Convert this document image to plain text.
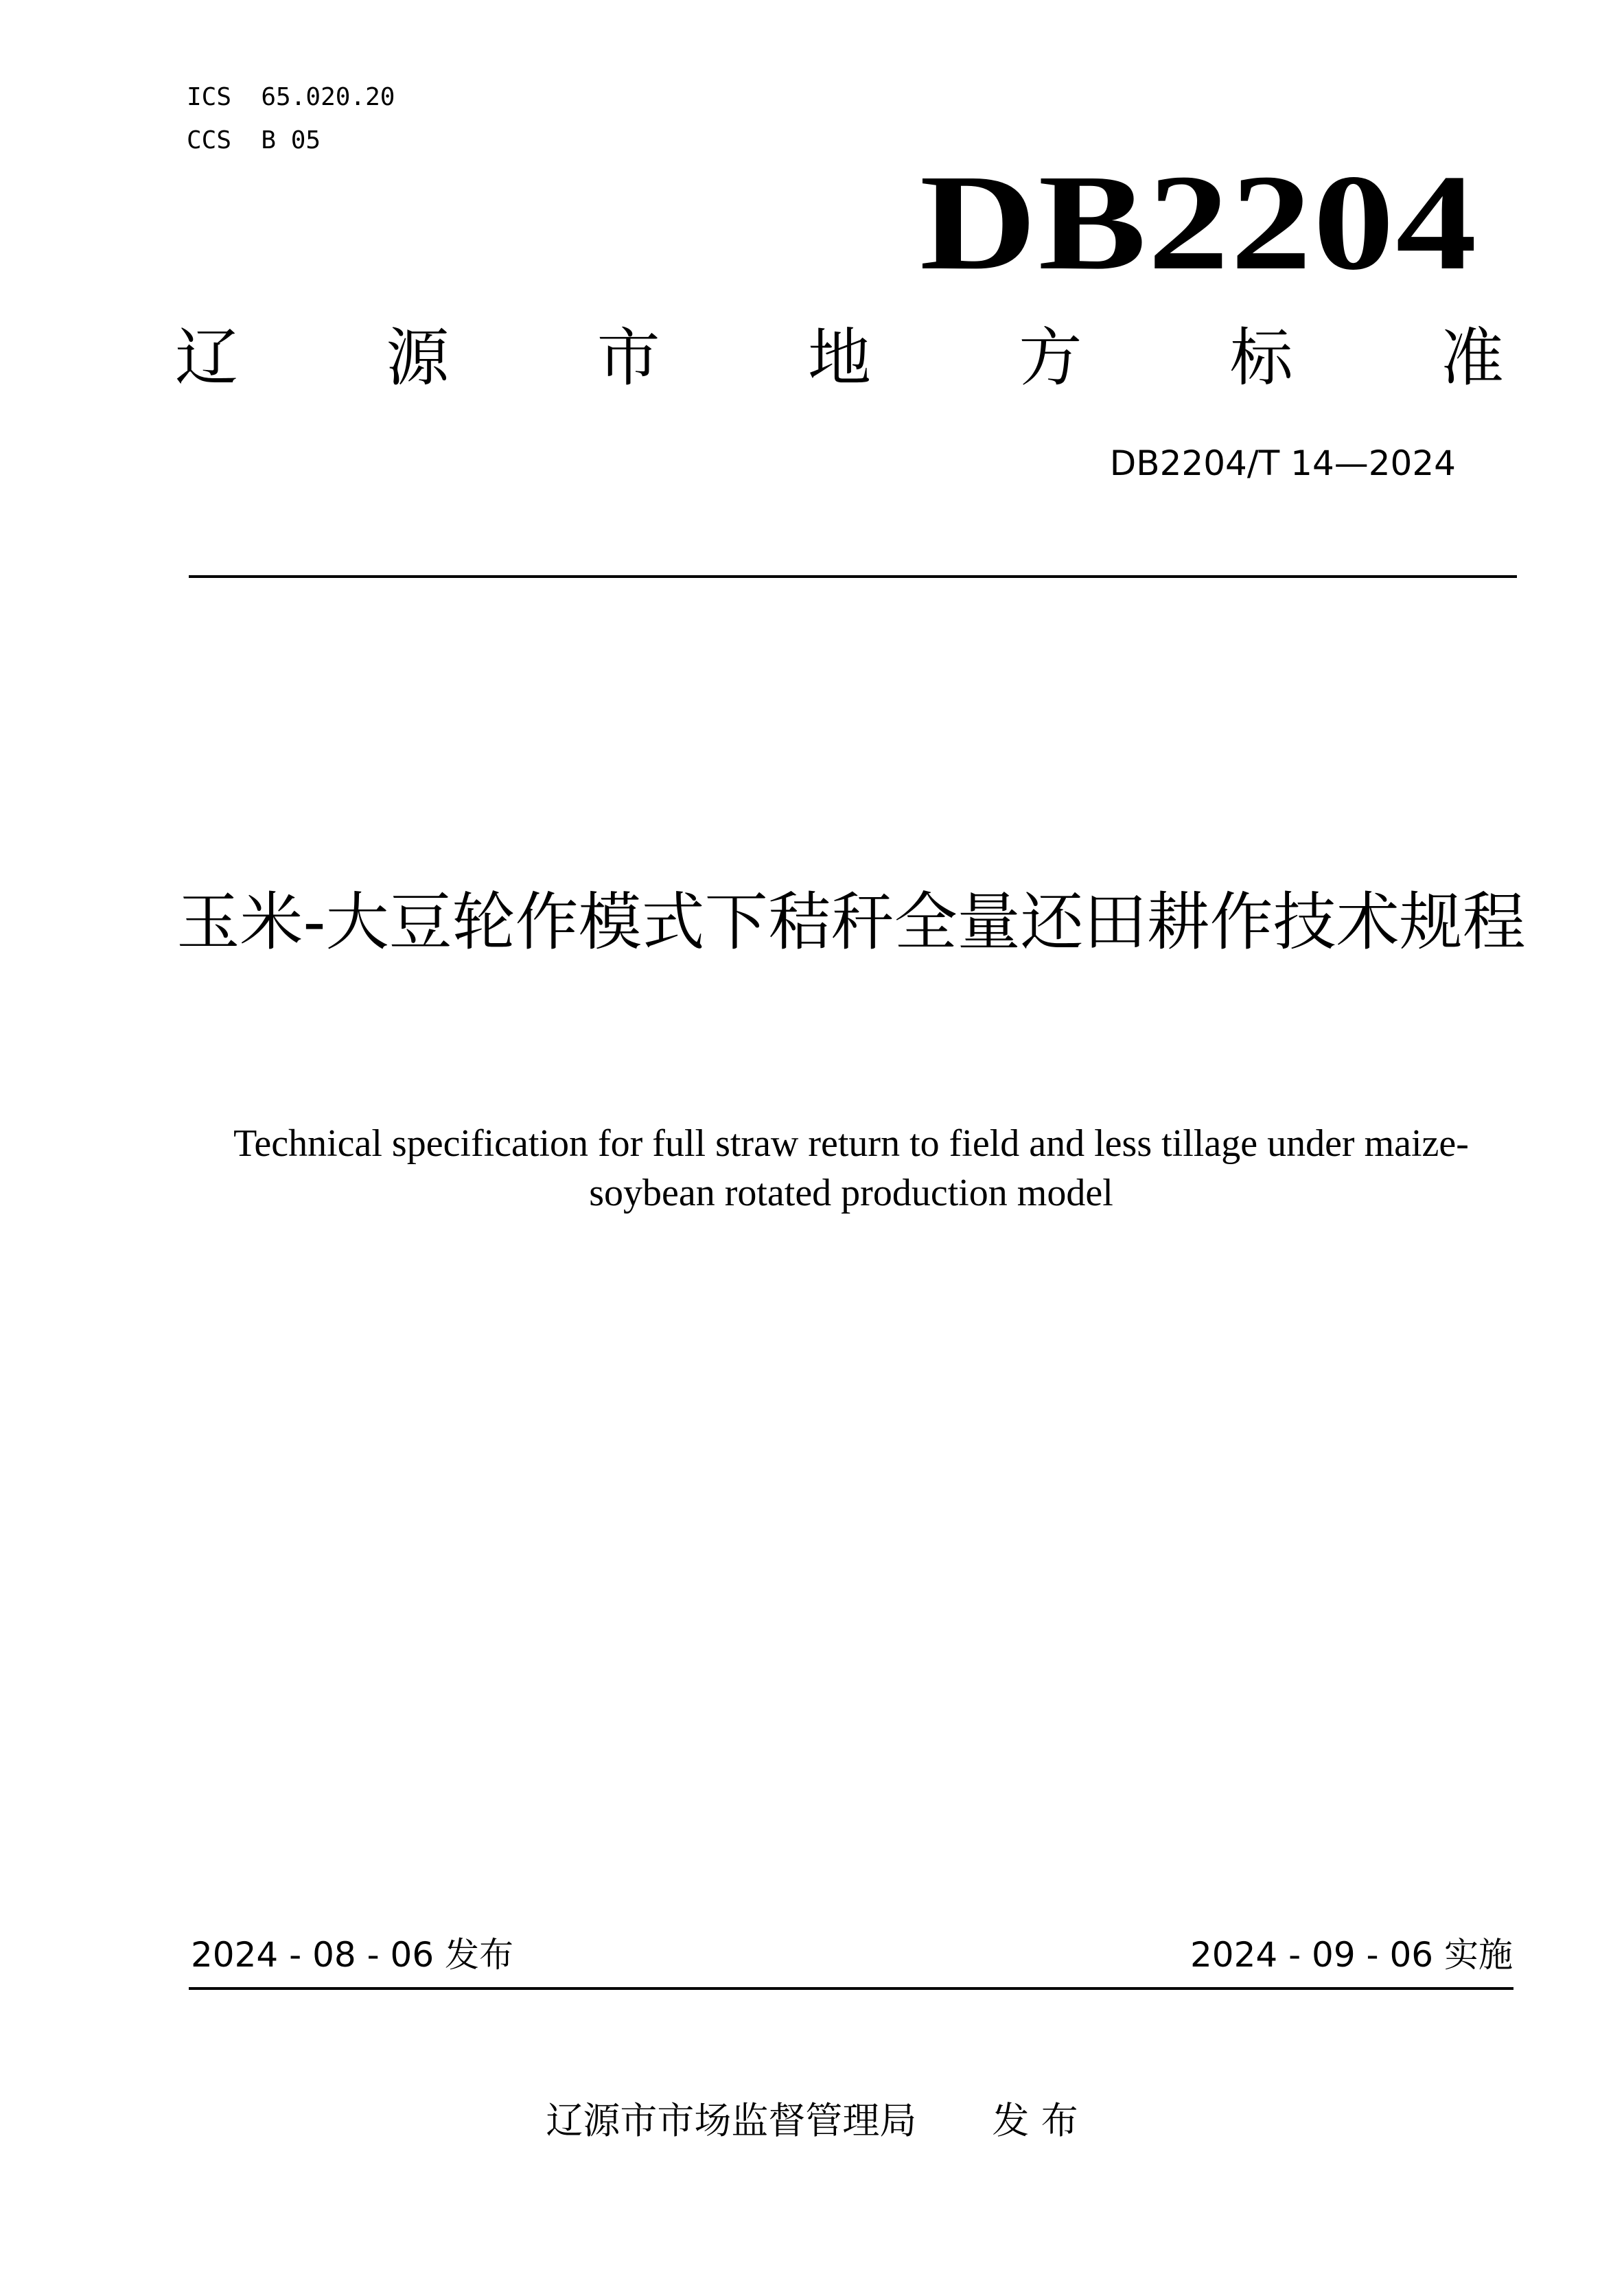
ICS  65.020.20
CCS  B 05
DB2204
辽 源 市 地 方 标 准
DB2204/T 14—2024
玉米-大豆轮作模式下秸秆全量还田耕作技术规程
Technical specification for full straw return to field and less tillage under maize-soybean rotated production model
2024 - 08 - 06 发布	2024 - 09 - 06 实施
辽源市市场监督管理局 发 布
